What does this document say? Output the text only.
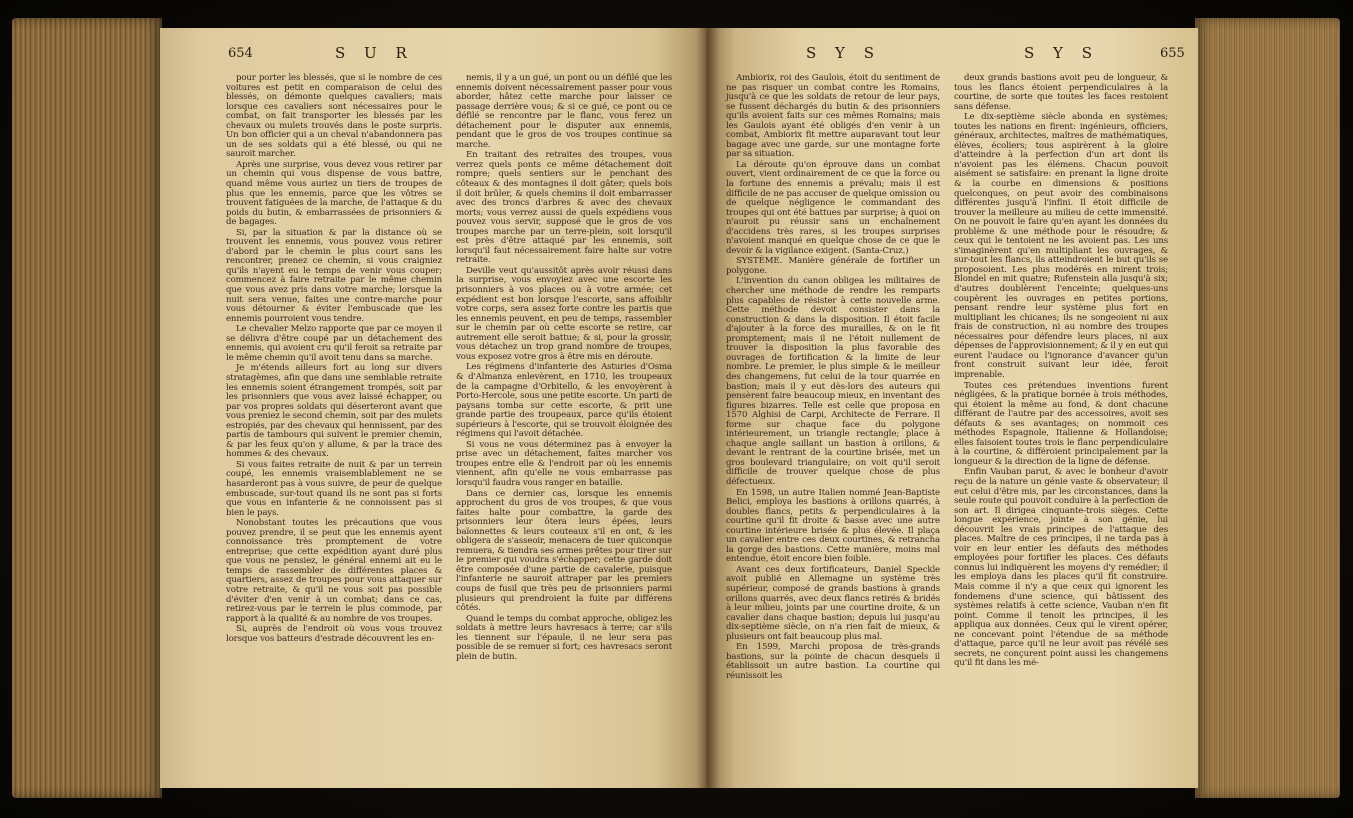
654	S U R

pour porter les blessés, que si le nombre de ces voitures est petit en comparaison de celui des blessés, on démonte quelques cavaliers; mais lorsque ces cavaliers sont nécessaires pour le combat, on fait transporter les blessés par les chevaux ou mulets trouvés dans le poste surpris. Un bon officier qui a un cheval n'abandonnera pas un de ses soldats qui a été blessé, ou qui ne sauroit marcher.

Après une surprise, vous devez vous retirer par un chemin qui vous dispense de vous battre, quand même vous auriez un tiers de troupes de plus que les ennemis, parce que les vôtres se trouvent fatiguées de la marche, de l'attaque & du poids du butin, & embarrassées de prisonniers & de bagages.

Si, par la situation & par la distance où se trouvent les ennemis, vous pouvez vous retirer d'abord par le chemin le plus court sans les rencontrer, prenez ce chemin, si vous craigniez qu'ils n'ayent eu le temps de venir vous couper; commencez à faire retraite par le même chemin que vous avez pris dans votre marche; lorsque la nuit sera venue, faites une contre-marche pour vous détourner & éviter l'embuscade que les ennemis pourroient vous tendre.

Le chevalier Melzo rapporte que par ce moyen il se délivra d'être coupé par un détachement des ennemis, qui avoient cru qu'il feroit sa retraite par le même chemin qu'il avoit tenu dans sa marche.

Je m'étends ailleurs fort au long sur divers stratagèmes, afin que dans une semblable retraite les ennemis soient étrangement trompés, soit par les prisonniers que vous avez laissé échapper, ou par vos propres soldats qui déserteront avant que vous preniez le second chemin, soit par des mulets estropiés, par des chevaux qui hennissent, par des partis de tambours qui suivent le premier chemin, & par les feux qu'on y allume, & par la trace des hommes & des chevaux.

Si vous faites retraite de nuit & par un terrein coupé, les ennemis vraisemblablement ne se hasarderont pas à vous suivre, de peur de quelque embuscade, sur-tout quand ils ne sont pas si forts que vous en infanterie & ne connoissent pas si bien le pays.

Nonobstant toutes les précautions que vous pouvez prendre, il se peut que les ennemis ayent connoissance très promptement de votre entreprise; que cette expédition ayant duré plus que vous ne pensiez, le général ennemi ait eu le temps de rassembler de différentes places & quartiers, assez de troupes pour vous attaquer sur votre retraite, & qu'il ne vous soit pas possible d'éviter d'en venir à un combat; dans ce cas, retirez-vous par le terrein le plus commode, par rapport à la qualité & au nombre de vos troupes.

Si, auprès de l'endroit où vous vous trouvez lorsque vos batteurs d'estrade découvrent les en-

nemis, il y a un gué, un pont ou un défilé que les ennemis doivent nécessairement passer pour vous aborder, hâtez cette marche pour laisser ce passage derrière vous; & si ce gué, ce pont ou ce défilé se rencontre par le flanc, vous ferez un détachement pour le disputer aux ennemis, pendant que le gros de vos troupes continue sa marche.

En traitant des retraites des troupes, vous verrez quels ponts ce même détachement doit rompre; quels sentiers sur le penchant des côteaux & des montagnes il doit gâter; quels bois il doit brûler, & quels chemins il doit embarrasser avec des troncs d'arbres & avec des chevaux morts; vous verrez aussi de quels expédiens vous pouvez vous servir, supposé que le gros de vos troupes marche par un terre-plein, soit lorsqu'il est près d'être attaqué par les ennemis, soit lorsqu'il faut nécessairement faire halte sur votre retraite.

Deville veut qu'aussitôt après avoir réussi dans la surprise, vous envoyiez avec une escorte les prisonniers à vos places ou à votre armée; cet expédient est bon lorsque l'escorte, sans affoiblir votre corps, sera assez forte contre les partis que les ennemis peuvent, en peu de temps, rassembler sur le chemin par où cette escorte se retire, car autrement elle seroit battue; & si, pour la grossir, vous détachez un trop grand nombre de troupes, vous exposez votre gros à être mis en déroute.

Les régimens d'infanterie des Asturies d'Osma & d'Almanza enlevèrent, en 1710, les troupeaux de la campagne d'Orbitello, & les envoyèrent à Porto-Hercole, sous une petite escorte. Un parti de paysans tomba sur cette escorte, & prit une grande partie des troupeaux, parce qu'ils étoient supérieurs à l'escorte, qui se trouvoit éloignée des régimens qui l'avoit détachée.

Si vous ne vous déterminez pas à envoyer la prise avec un détachement, faites marcher vos troupes entre elle & l'endroit par où les ennemis viennent, afin qu'elle ne vous embarrasse pas lorsqu'il faudra vous ranger en bataille.

Dans ce dernier cas, lorsque les ennemis approchent du gros de vos troupes, & que vous faites halte pour combattre, la garde des prisonniers leur ôtera leurs épées, leurs baïonnettes & leurs couteaux s'il en ont, & les obligera de s'asseoir, menacera de tuer quiconque remuera, & tiendra ses armes prêtes pour tirer sur le premier qui voudra s'échapper; cette garde doit être composée d'une partie de cavalerie, puisque l'infanterie ne sauroit attraper par les premiers coups de fusil que très peu de prisonniers parmi plusieurs qui prendroient la fuite par différens côtés.

Quand le temps du combat approche, obligez les soldats à mettre leurs havresacs à terre; car s'ils les tiennent sur l'épaule, il ne leur sera pas possible de se remuer si fort; ces havresacs seront plein de butin.

S Y S	S Y S	655

Ambiorix, roi des Gaulois, étoit du sentiment de ne pas risquer un combat contre les Romains, jusqu'à ce que les soldats de retour de leur pays, se fussent déchargés du butin & des prisonniers qu'ils avoient faits sur ces mêmes Romains; mais les Gaulois ayant été obligés d'en venir à un combat, Ambiorix fit mettre auparavant tout leur bagage avec une garde, sur une montagne forte par sa situation.

La déroute qu'on éprouve dans un combat ouvert, vient ordinairement de ce que la force ou la fortune des ennemis a prévalu; mais il est difficile de ne pas accuser de quelque omission ou de quelque négligence le commandant des troupes qui ont été battues par surprise; à quoi on n'auroit pu réussir sans un enchaînement d'accidens très rares, si les troupes surprises n'avoient manqué en quelque chose de ce que le devoir & la vigilance exigent. (Santa-Cruz.)

SYSTÈME. Manière générale de fortifier un polygone.

L'invention du canon obligea les militaires de chercher une méthode de rendre les remparts plus capables de résister à cette nouvelle arme. Cette méthode devoit consister dans la construction & dans la disposition. Il étoit facile d'ajouter à la force des murailles, & on le fit promptement; mais il ne l'étoit nullement de trouver la disposition la plus favorable des ouvrages de fortification & la limite de leur nombre. Le premier, le plus simple & le meilleur des changemens, fut celui de la tour quarrée en bastion; mais il y eut dès-lors des auteurs qui pensèrent faire beaucoup mieux, en inventant des figures bizarres. Telle est celle que proposa en 1570 Alghisi de Carpi, Architecte de Ferrare. Il forme sur chaque face du polygone intérieurement, un triangle rectangle; place à chaque angle saillant un bastion à orillons, & devant le rentrant de la courtine brisée, met un gros boulevard triangulaire; on voit qu'il seroit difficile de trouver quelque chose de plus défectueux.

En 1598, un autre Italien nommé Jean-Baptiste Belici, employa les bastions à orillons quarrés, à doubles flancs, petits & perpendiculaires à la courtine qu'il fit droite & basse avec une autre courtine intérieure brisée & plus élevée. Il plaça un cavalier entre ces deux courtines, & retrancha la gorge des bastions. Cette manière, moins mal entendue, étoit encore bien foible.

Avant ces deux fortificateurs, Daniel Speckle avoit publié en Allemagne un système très supérieur, composé de grands bastions à grands orillons quarrés, avec deux flancs retirés & bridés à leur milieu, joints par une courtine droite, & un cavalier dans chaque bastion; depuis lui jusqu'au dix-septième siècle, on n'a rien fait de mieux, & plusieurs ont fait beaucoup plus mal.

En 1599, Marchi proposa de très-grands bastions, sur la pointe de chacun desquels il établissoit un autre bastion. La courtine qui réunissoit les

deux grands bastions avoit peu de longueur, & tous les flancs étoient perpendiculaires à la courtine, de sorte que toutes les faces restoient sans défense.

Le dix-septième siècle abonda en systèmes; toutes les nations en firent: ingénieurs, officiers, généraux, architectes, maîtres de mathématiques, élèves, écoliers; tous aspirèrent à la gloire d'atteindre à la perfection d'un art dont ils n'avoient pas les élémens. Chacun pouvoit aisément se satisfaire: en prenant la ligne droite & la courbe en dimensions & positions quelconques, on peut avoir des combinaisons différentes jusqu'à l'infini. Il étoit difficile de trouver la meilleure au milieu de cette immensité. On ne pouvoit le faire qu'en ayant les données du problème & une méthode pour le résoudre; & ceux qui le tentoient ne les avoient pas. Les uns s'imaginèrent qu'en multipliant les ouvrages, & sur-tout les flancs, ils atteindroient le but qu'ils se proposoient. Les plus modérés en mirent trois; Blondel en mit quatre; Rufenstein alla jusqu'à six; d'autres doublèrent l'enceinte; quelques-uns coupèrent les ouvrages en petites portions, pensant rendre leur système plus fort en multipliant les chicanes; ils ne songeoient ni aux frais de construction, ni au nombre des troupes nécessaires pour défendre leurs places, ni aux dépenses de l'approvisionnement; & il y en eut qui eurent l'audace ou l'ignorance d'avancer qu'un front construit suivant leur idée, feroit imprenable.

Toutes ces prétendues inventions furent négligées, & la pratique bornée à trois méthodes, qui étoient la même au fond, & dont chacune différant de l'autre par des accessoires, avoit ses défauts & ses avantages; on nommoit ces méthodes Espagnole, Italienne & Hollandoise; elles faisoient toutes trois le flanc perpendiculaire à la courtine, & différoient principalement par la longueur & la direction de la ligne de défense.

Enfin Vauban parut, & avec le bonheur d'avoir reçu de la nature un génie vaste & observateur; il eut celui d'être mis, par les circonstances, dans la seule route qui pouvoit conduire à la perfection de son art. Il dirigea cinquante-trois sièges. Cette longue expérience, jointe à son génie, lui découvrit les vrais principes de l'attaque des places. Maître de ces principes, il ne tarda pas à voir en leur entier les défauts des méthodes employées pour fortifier les places. Ces défauts connus lui indiquèrent les moyens d'y remédier; il les employa dans les places qu'il fit construire. Mais comme il n'y a que ceux qui ignorent les fondemens d'une science, qui bâtissent des systèmes relatifs à cette science, Vauban n'en fit point. Comme il tenoit les principes, il les appliqua aux données. Ceux qui le virent opérer, ne concevant point l'étendue de sa méthode d'attaque, parce qu'il ne leur avoit pas révélé ses secrets, ne conçurent point aussi les changemens qu'il fit dans les mé-
